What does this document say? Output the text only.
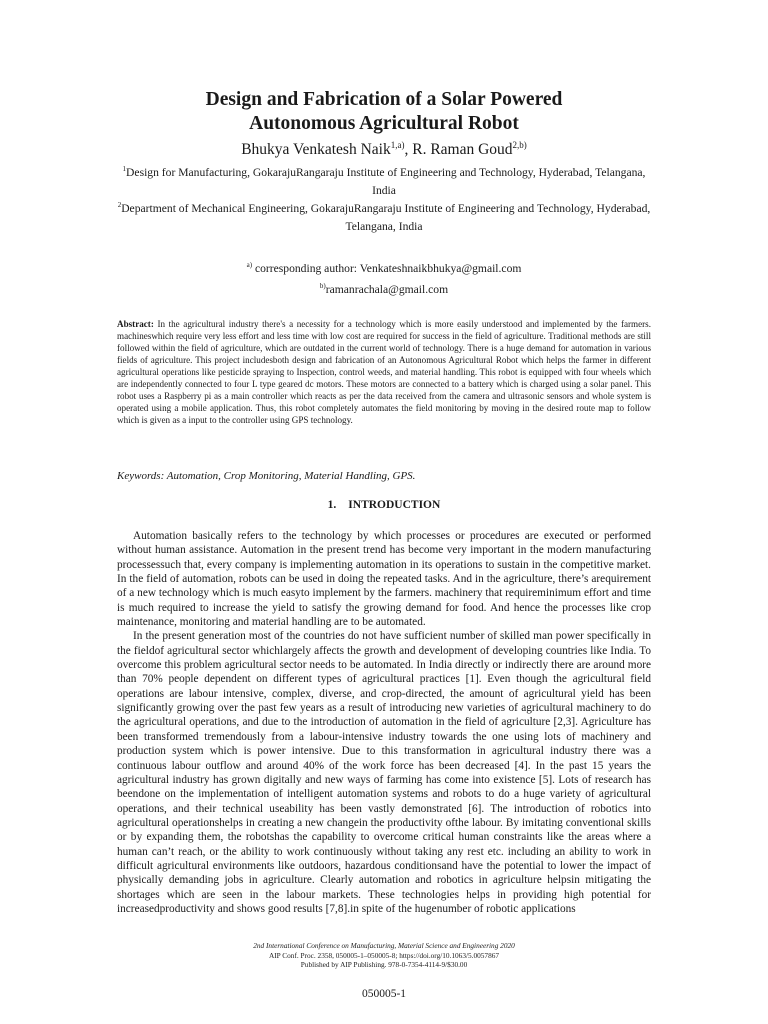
Design and Fabrication of a Solar Powered
Autonomous Agricultural Robot
Bhukya Venkatesh Naik$^{1,a)}$, R. Raman Goud$^{2,b)}$
$^1$Design for Manufacturing, GokarajuRangaraju Institute of Engineering and Technology, Hyderabad, Telangana, India
$^2$Department of Mechanical Engineering, GokarajuRangaraju Institute of Engineering and Technology, Hyderabad, Telangana, India
$^{a)}$ corresponding author: Venkateshnaikbhukya@gmail.com
$^{b)}$ramanrachala@gmail.com
Abstract: In the agricultural industry there's a necessity for a technology which is more easily understood and implemented by the farmers. machineswhich require very less effort and less time with low cost are required for success in the field of agriculture. Traditional methods are still followed within the field of agriculture, which are outdated in the current world of technology. There is a huge demand for automation in various fields of agriculture. This project includesboth design and fabrication of an Autonomous Agricultural Robot which helps the farmer in different agricultural operations like pesticide spraying to Inspection, control weeds, and material handling. This robot is equipped with four wheels which are independently connected to four L type geared dc motors. These motors are connected to a battery which is charged using a solar panel. This robot uses a Raspberry pi as a main controller which reacts as per the data received from the camera and ultrasonic sensors and whole system is operated using a mobile application. Thus, this robot completely automates the field monitoring by moving in the desired route map to follow which is given as a input to the controller using GPS technology.
Keywords: Automation, Crop Monitoring, Material Handling, GPS.
1. INTRODUCTION

Automation basically refers to the technology by which processes or procedures are executed or performed without human assistance. Automation in the present trend has become very important in the modern manufacturing processessuch that, every company is implementing automation in its operations to sustain in the competitive market. In the field of automation, robots can be used in doing the repeated tasks. And in the agriculture, there’s arequirement of a new technology which is much easyto implement by the farmers. machinery that requireminimum effort and time is much required to increase the yield to satisfy the growing demand for food. And hence the processes like crop maintenance, monitoring and material handling are to be automated.

In the present generation most of the countries do not have sufficient number of skilled man power specifically in the fieldof agricultural sector whichlargely affects the growth and development of developing countries like India. To overcome this problem agricultural sector needs to be automated. In India directly or indirectly there are around more than 70% people dependent on different types of agricultural practices [1]. Even though the agricultural field operations are labour intensive, complex, diverse, and crop-directed, the amount of agricultural yield has been significantly growing over the past few years as a result of introducing new varieties of agricultural machinery to do the agricultural operations, and due to the introduction of automation in the field of agriculture [2,3]. Agriculture has been transformed tremendously from a labour-intensive industry towards the one using lots of machinery and production system which is power intensive. Due to this transformation in agricultural industry there was a continuous labour outflow and around 40% of the work force has been decreased [4]. In the past 15 years the agricultural industry has grown digitally and new ways of farming has come into existence [5]. Lots of research has beendone on the implementation of intelligent automation systems and robots to do a huge variety of agricultural operations, and their technical useability has been vastly demonstrated [6]. The introduction of robotics into agricultural operationshelps in creating a new changein the productivity ofthe labour. By imitating conventional skills or by expanding them, the robotshas the capability to overcome critical human constraints like the areas where a human can’t reach, or the ability to work continuously without taking any rest etc. including an ability to work in difficult agricultural environments like outdoors, hazardous conditionsand have the potential to lower the impact of physically demanding jobs in agriculture. Clearly automation and robotics in agriculture helpsin mitigating the shortages which are seen in the labour markets. These technologies helps in providing high potential for increasedproductivity and shows good results [7,8].in spite of the hugenumber of robotic applications

2nd International Conference on Manufacturing, Material Science and Engineering 2020
AIP Conf. Proc. 2358, 050005-1–050005-8; https://doi.org/10.1063/5.0057867
Published by AIP Publishing. 978-0-7354-4114-9/$30.00
050005-1
